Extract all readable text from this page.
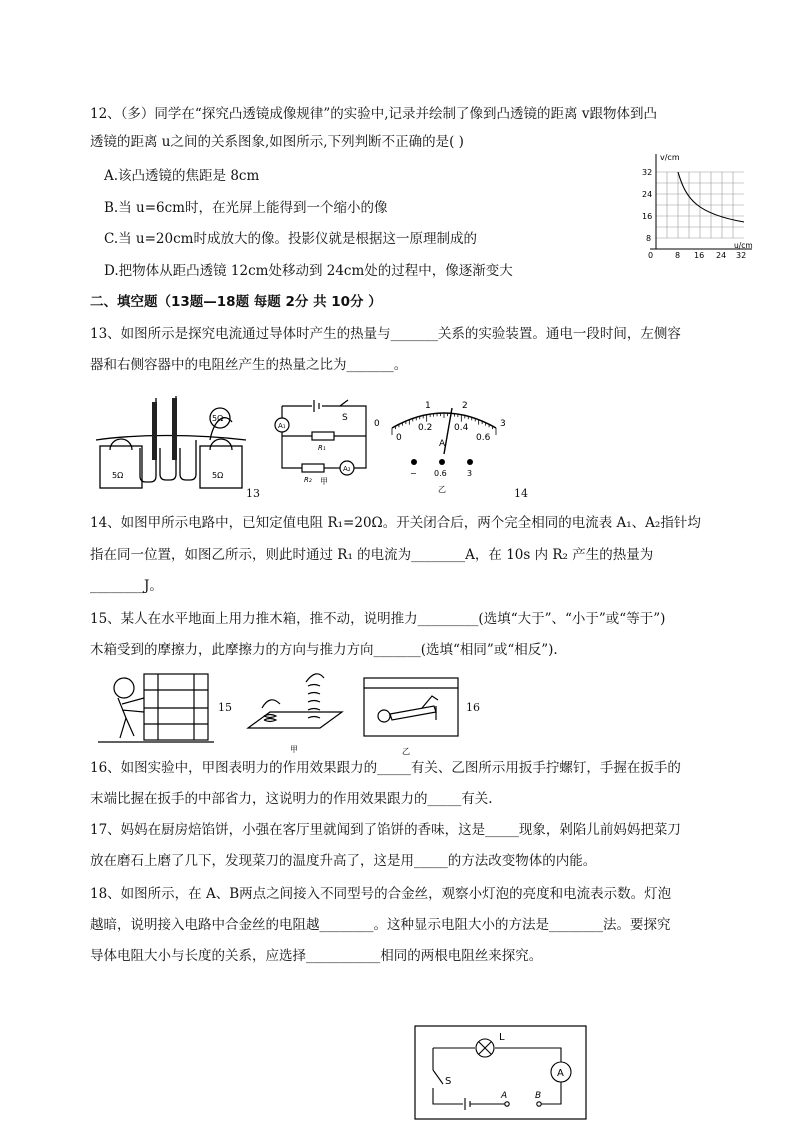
12、（多）同学在“探究凸透镜成像规律”的实验中,记录并绘制了像到凸透镜的距离 v跟物体到凸
透镜的距离 u之间的关系图象,如图所示,下列判断不正确的是( )
A.该凸透镜的焦距是 8cm
B.当 u=6cm时，在光屏上能得到一个缩小的像
C.当 u=20cm时成放大的像。投影仪就是根据这一原理制成的
D.把物体从距凸透镜 12cm处移动到 24cm处的过程中，像逐渐变大
v/cm
u/cm
32
24
16
8
0	8 16 24 32
二、填空题（13题—18题 每题 2分 共 10分 ）
13、如图所示是探究电流通过导体时产生的热量与_______关系的实验装置。通电一段时间，左侧容
器和右侧容器中的电阻丝产生的热量之比为_______。
5Ω	5Ω
5Ω
13
A₁
A₂
S
R₁
R₂ 甲
0
1	2
3
0
0.2 0.4
0.6
A
− 0.6	3
乙	14
14、如图甲所示电路中，已知定值电阻 R₁=20Ω。开关闭合后，两个完全相同的电流表 A₁、A₂指针均
指在同一位置，如图乙所示，则此时通过 R₁ 的电流为________A，在 10s 内 R₂ 产生的热量为
________J。
15、某人在水平地面上用力推木箱，推不动，说明推力_________(选填“大于”、“小于”或“等于”)
木箱受到的摩擦力，此摩擦力的方向与推力方向_______(选填“相同”或“相反”).
15
甲	乙
16
16、如图实验中，甲图表明力的作用效果跟力的_____有关、乙图所示用扳手拧螺钉，手握在扳手的
末端比握在扳手的中部省力，这说明力的作用效果跟力的_____有关.
17、妈妈在厨房焙馅饼，小强在客厅里就闻到了馅饼的香味，这是_____现象，剁陷儿前妈妈把菜刀
放在磨石上磨了几下，发现菜刀的温度升高了，这是用_____的方法改变物体的内能。
18、如图所示，在 A、B两点之间接入不同型号的合金丝，观察小灯泡的亮度和电流表示数。灯泡
越暗，说明接入电路中合金丝的电阻越________。这种显示电阻大小的方法是________法。要探究
导体电阻大小与长度的关系，应选择___________相同的两根电阻丝来探究。
L
S
A
A	B
